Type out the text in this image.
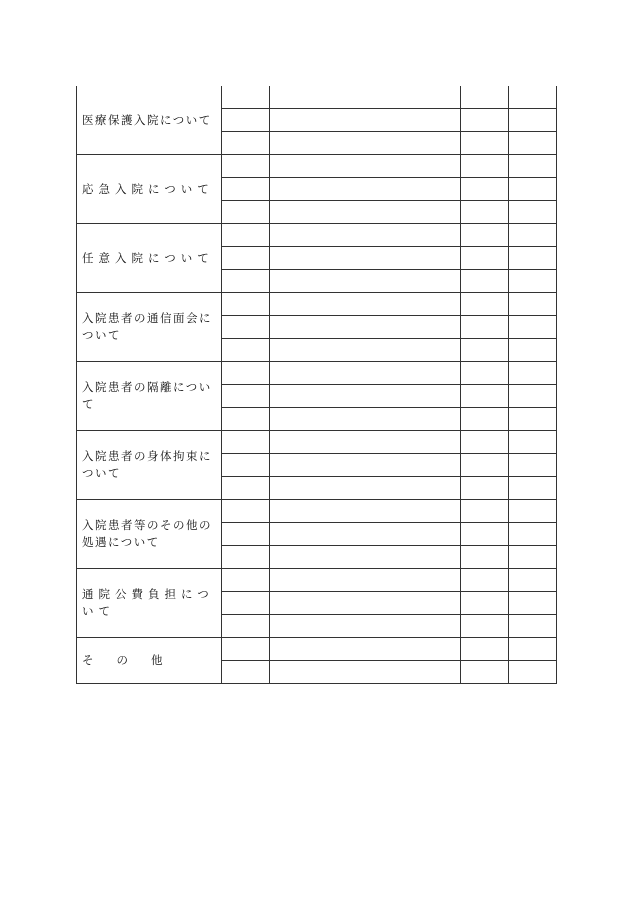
医療保護入院について				

応急入院について				

任意入院について				

入院患者の通信面会について				

入院患者の隔離について				

入院患者の身体拘束について				

入院患者等のその他の処遇について				

通院公費負担について				

そ　　の　　他				
